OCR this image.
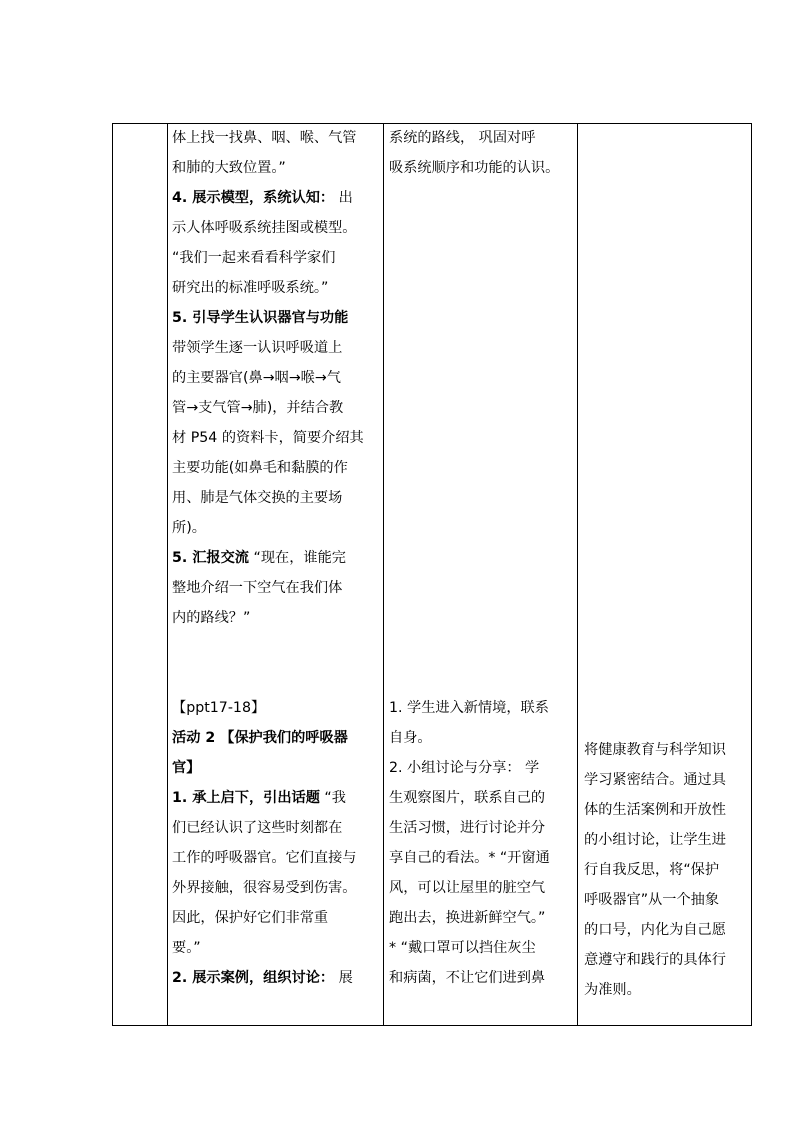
体上找一找鼻、咽、喉、气管

和肺的大致位置。”

4. 展示模型，系统认知： 出

示人体呼吸系统挂图或模型。

“我们一起来看看科学家们

研究出的标准呼吸系统。”

5. 引导学生认识器官与功能

带领学生逐一认识呼吸道上

的主要器官(鼻→咽→喉→气

管→支气管→肺)，并结合教

材 P54 的资料卡，简要介绍其

主要功能(如鼻毛和黏膜的作

用、肺是气体交换的主要场

所)。

5. 汇报交流 “现在，谁能完

整地介绍一下空气在我们体

内的路线？”

【ppt17-18】

活动 2 【保护我们的呼吸器

官】

1. 承上启下，引出话题 “我

们已经认识了这些时刻都在

工作的呼吸器官。它们直接与

外界接触，很容易受到伤害。

因此，保护好它们非常重

要。”

2. 展示案例，组织讨论： 展

系统的路线， 巩固对呼

吸系统顺序和功能的认识。

1. 学生进入新情境，联系

自身。

2. 小组讨论与分享： 学

生观察图片，联系自己的

生活习惯，进行讨论并分

享自己的看法。* “开窗通

风，可以让屋里的脏空气

跑出去，换进新鲜空气。”

* “戴口罩可以挡住灰尘

和病菌，不让它们进到鼻

将健康教育与科学知识

学习紧密结合。通过具

体的生活案例和开放性

的小组讨论，让学生进

行自我反思，将“保护

呼吸器官”从一个抽象

的口号，内化为自己愿

意遵守和践行的具体行

为准则。
